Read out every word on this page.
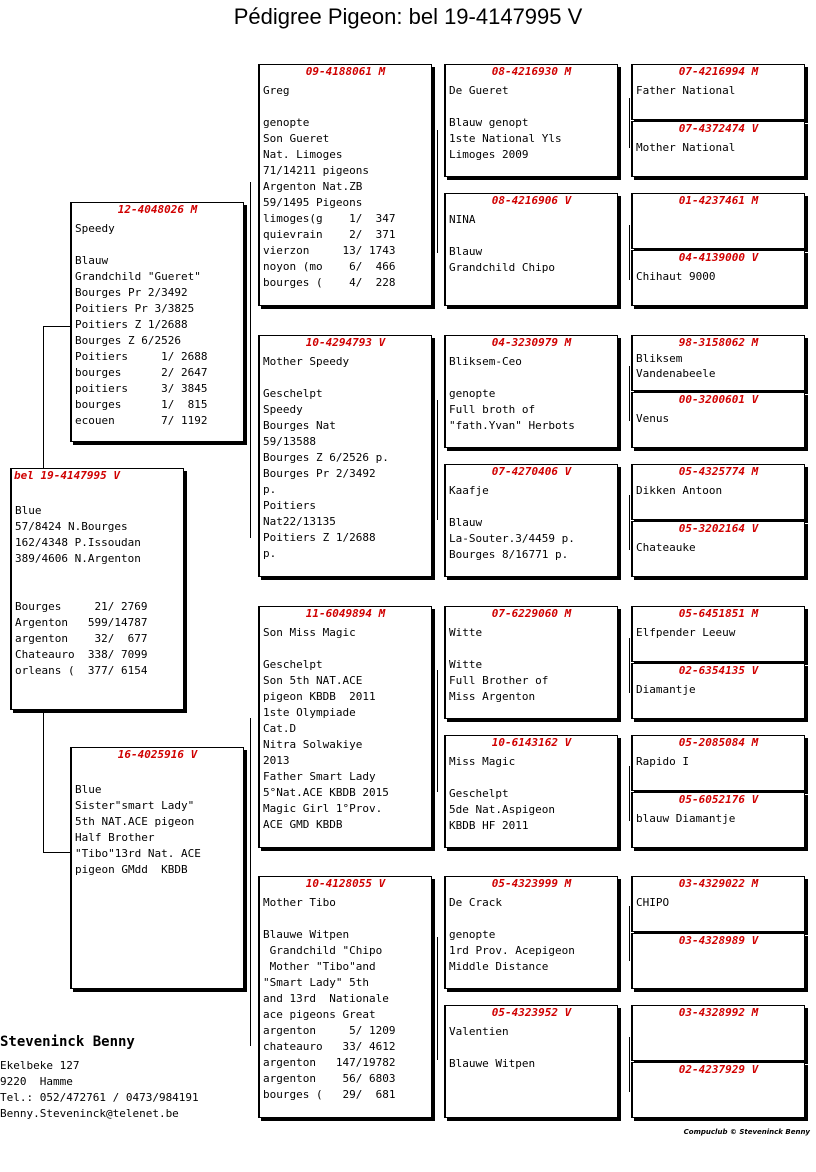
Pédigree Pigeon: bel 19-4147995 V
bel 19-4147995 V

Blue
57/8424 N.Bourges
162/4348 P.Issoudan
389/4606 N.Argenton

Bourges     21/ 2769
Argenton   599/14787
argenton    32/  677
Chateauro  338/ 7099
orleans (  377/ 6154
12-4048026 M
Speedy

Blauw
Grandchild "Gueret"
Bourges Pr 2/3492
Poitiers Pr 3/3825
Poitiers Z 1/2688
Bourges Z 6/2526
Poitiers     1/ 2688
bourges      2/ 2647
poitiers     3/ 3845
bourges      1/  815
ecouen       7/ 1192
16-4025916 V

Blue
Sister"smart Lady"
5th NAT.ACE pigeon
Half Brother
"Tibo"13rd Nat. ACE
pigeon GMdd  KBDB
09-4188061 M
Greg

genopte
Son Gueret
Nat. Limoges
71/14211 pigeons
Argenton Nat.ZB
59/1495 Pigeons
limoges(g    1/  347
quievrain    2/  371
vierzon     13/ 1743
noyon (mo    6/  466
bourges (    4/  228
10-4294793 V
Mother Speedy

Geschelpt
Speedy
Bourges Nat
59/13588
Bourges Z 6/2526 p.
Bourges Pr 2/3492
p.
Poitiers
Nat22/13135
Poitiers Z 1/2688
p.
11-6049894 M
Son Miss Magic

Geschelpt
Son 5th NAT.ACE
pigeon KBDB  2011
1ste Olympiade
Cat.D
Nitra Solwakiye
2013
Father Smart Lady
5°Nat.ACE KBDB 2015
Magic Girl 1°Prov.
ACE GMD KBDB
10-4128055 V
Mother Tibo

Blauwe Witpen
Grandchild "Chipo
Mother "Tibo"and
"Smart Lady" 5th
and 13rd  Nationale
ace pigeons Great
argenton     5/ 1209
chateauro   33/ 4612
argenton   147/19782
argenton    56/ 6803
bourges (   29/  681
08-4216930 M
De Gueret

Blauw genopt
1ste National Yls
Limoges 2009
08-4216906 V
NINA

Blauw
Grandchild Chipo
04-3230979 M
Bliksem-Ceo

genopte
Full broth of
"fath.Yvan" Herbots
07-4270406 V
Kaafje

Blauw
La-Souter.3/4459 p.
Bourges 8/16771 p.
07-6229060 M
Witte

Witte
Full Brother of
Miss Argenton
10-6143162 V
Miss Magic

Geschelpt
5de Nat.Aspigeon
KBDB HF 2011
05-4323999 M
De Crack

genopte
1rd Prov. Acepigeon
Middle Distance
05-4323952 V
Valentien

Blauwe Witpen
07-4216994 M
Father National
07-4372474 V
Mother National
01-4237461 M
04-4139000 V
Chihaut 9000
98-3158062 M
Bliksem
Vandenabeele
00-3200601 V
Venus
05-4325774 M
Dikken Antoon
05-3202164 V
Chateauke
05-6451851 M
Elfpender Leeuw
02-6354135 V
Diamantje
05-2085084 M
Rapido I
05-6052176 V
blauw Diamantje
03-4329022 M
CHIPO
03-4328989 V
03-4328992 M
02-4237929 V
Steveninck Benny
Ekelbeke 127
9220  Hamme
Tel.: 052/472761 / 0473/984191
Benny.Steveninck@telenet.be
Compuclub © Steveninck Benny
